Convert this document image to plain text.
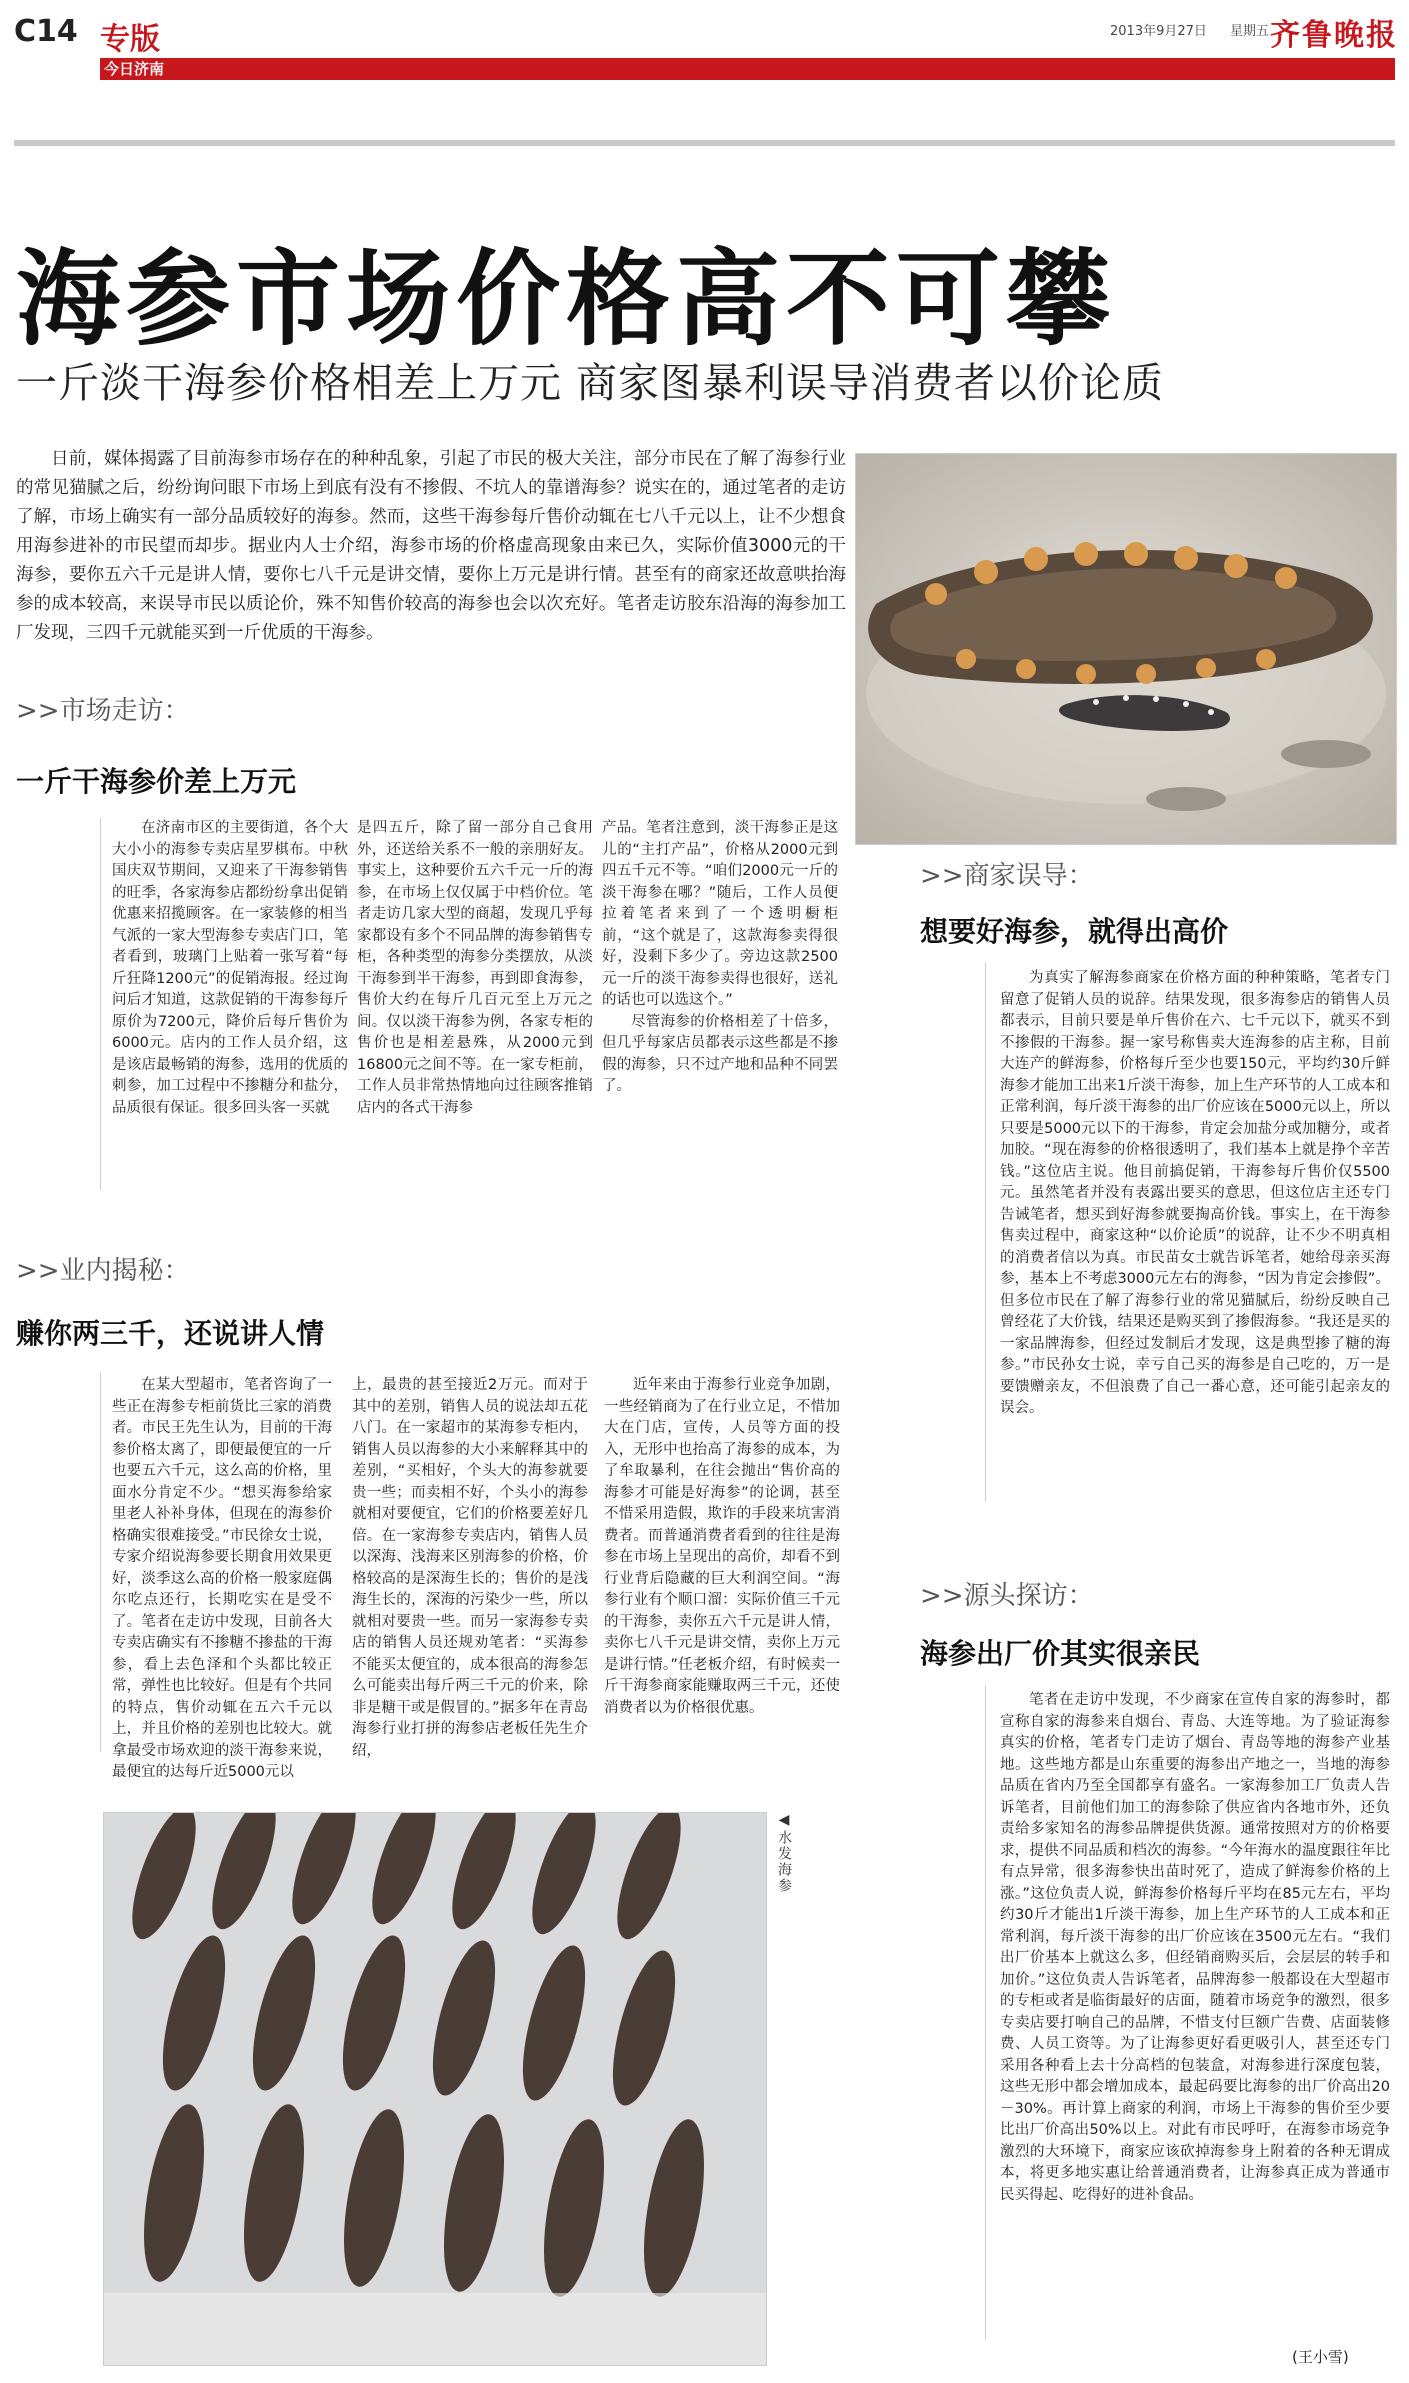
C14 专版
今日济南
2013年9月27日 星期五 齐鲁晚报
海参市场价格高不可攀
一斤淡干海参价格相差上万元 商家图暴利误导消费者以价论质
日前，媒体揭露了目前海参市场存在的种种乱象，引起了市民的极大关注，部分市民在了解了海参行业的常见猫腻之后，纷纷询问眼下市场上到底有没有不掺假、不坑人的靠谱海参？说实在的，通过笔者的走访了解，市场上确实有一部分品质较好的海参。然而，这些干海参每斤售价动辄在七八千元以上，让不少想食用海参进补的市民望而却步。据业内人士介绍，海参市场的价格虚高现象由来已久，实际价值3000元的干海参，要你五六千元是讲人情，要你七八千元是讲交情，要你上万元是讲行情。甚至有的商家还故意哄抬海参的成本较高，来误导市民以质论价，殊不知售价较高的海参也会以次充好。笔者走访胶东沿海的海参加工厂发现，三四千元就能买到一斤优质的干海参。
>>市场走访：
一斤干海参价差上万元
在济南市区的主要街道，各个大大小小的海参专卖店星罗棋布。中秋国庆双节期间，又迎来了干海参销售的旺季，各家海参店都纷纷拿出促销优惠来招揽顾客。在一家装修的相当气派的一家大型海参专卖店门口，笔者看到，玻璃门上贴着一张写着“每斤狂降1200元”的促销海报。经过询问后才知道，这款促销的干海参每斤原价为7200元，降价后每斤售价为6000元。店内的工作人员介绍，这是该店最畅销的海参，选用的优质的刺参，加工过程中不掺糖分和盐分，品质很有保证。很多回头客一买就
是四五斤，除了留一部分自己食用外，还送给关系不一般的亲朋好友。事实上，这种要价五六千元一斤的海参，在市场上仅仅属于中档价位。笔者走访几家大型的商超，发现几乎每家都设有多个不同品牌的海参销售专柜，各种类型的海参分类摆放，从淡干海参到半干海参，再到即食海参，售价大约在每斤几百元至上万元之间。仅以淡干海参为例，各家专柜的售价也是相差悬殊，从2000元到16800元之间不等。在一家专柜前，工作人员非常热情地向过往顾客推销店内的各式干海参

产品。笔者注意到，淡干海参正是这儿的“主打产品”，价格从2000元到四五千元不等。“咱们2000元一斤的淡干海参在哪？”随后，工作人员便拉着笔者来到了一个透明橱柜前，“这个就是了，这款海参卖得很好，没剩下多少了。旁边这款2500元一斤的淡干海参卖得也很好，送礼的话也可以选这个。”

尽管海参的价格相差了十倍多，但几乎每家店员都表示这些都是不掺假的海参，只不过产地和品种不同罢了。

>>业内揭秘：
赚你两三千，还说讲人情
在某大型超市，笔者咨询了一些正在海参专柜前货比三家的消费者。市民王先生认为，目前的干海参价格太离了，即便最便宜的一斤也要五六千元，这么高的价格，里面水分肯定不少。“想买海参给家里老人补补身体，但现在的海参价格确实很难接受。”市民徐女士说，专家介绍说海参要长期食用效果更好，淡季这么高的价格一般家庭偶尔吃点还行，长期吃实在是受不了。笔者在走访中发现，目前各大专卖店确实有不掺糖不掺盐的干海参，看上去色泽和个头都比较正常，弹性也比较好。但是有个共同的特点，售价动辄在五六千元以上，并且价格的差别也比较大。就拿最受市场欢迎的淡干海参来说，最便宜的达每斤近5000元以
上，最贵的甚至接近2万元。而对于其中的差别，销售人员的说法却五花八门。在一家超市的某海参专柜内，销售人员以海参的大小来解释其中的差别，“买相好，个头大的海参就要贵一些；而卖相不好，个头小的海参就相对要便宜，它们的价格要差好几倍。在一家海参专卖店内，销售人员以深海、浅海来区别海参的价格，价格较高的是深海生长的；售价的是浅海生长的，深海的污染少一些，所以就相对要贵一些。而另一家海参专卖店的销售人员还规劝笔者：“买海参不能买太便宜的，成本很高的海参怎么可能卖出每斤两三千元的价来，除非是糖干或是假冒的。”据多年在青岛海参行业打拼的海参店老板任先生介绍，
近年来由于海参行业竞争加剧，一些经销商为了在行业立足，不惜加大在门店，宣传，人员等方面的投入，无形中也抬高了海参的成本，为了牟取暴利，在往会抛出“售价高的海参才可能是好海参”的论调，甚至不惜采用造假，欺诈的手段来坑害消费者。而普通消费者看到的往往是海参在市场上呈现出的高价，却看不到行业背后隐藏的巨大利润空间。“海参行业有个顺口溜：实际价值三千元的干海参，卖你五六千元是讲人情，卖你七八千元是讲交情，卖你上万元是讲行情。”任老板介绍，有时候卖一斤干海参商家能赚取两三千元，还使消费者以为价格很优惠。
◀水发海参
>>商家误导：
想要好海参，就得出高价
为真实了解海参商家在价格方面的种种策略，笔者专门留意了促销人员的说辞。结果发现，很多海参店的销售人员都表示，目前只要是单斤售价在六、七千元以下，就买不到不掺假的干海参。握一家号称售卖大连海参的店主称，目前大连产的鲜海参，价格每斤至少也要150元，平均约30斤鲜海参才能加工出来1斤淡干海参，加上生产环节的人工成本和正常利润，每斤淡干海参的出厂价应该在5000元以上，所以只要是5000元以下的干海参，肯定会加盐分或加糖分，或者加胶。“现在海参的价格很透明了，我们基本上就是挣个辛苦钱。”这位店主说。他目前搞促销，干海参每斤售价仅5500元。虽然笔者并没有表露出要买的意思，但这位店主还专门告诫笔者，想买到好海参就要掏高价钱。事实上，在干海参售卖过程中，商家这种“以价论质”的说辞，让不少不明真相的消费者信以为真。市民苗女士就告诉笔者，她给母亲买海参，基本上不考虑3000元左右的海参，“因为肯定会掺假”。但多位市民在了解了海参行业的常见猫腻后，纷纷反映自己曾经花了大价钱，结果还是购买到了掺假海参。“我还是买的一家品牌海参，但经过发制后才发现，这是典型掺了糖的海参。”市民孙女士说，幸亏自己买的海参是自己吃的，万一是要馈赠亲友，不但浪费了自己一番心意，还可能引起亲友的误会。
>>源头探访：
海参出厂价其实很亲民
笔者在走访中发现，不少商家在宣传自家的海参时，都宣称自家的海参来自烟台、青岛、大连等地。为了验证海参真实的价格，笔者专门走访了烟台、青岛等地的海参产业基地。这些地方都是山东重要的海参出产地之一，当地的海参品质在省内乃至全国都享有盛名。一家海参加工厂负责人告诉笔者，目前他们加工的海参除了供应省内各地市外，还负责给多家知名的海参品牌提供货源。通常按照对方的价格要求，提供不同品质和档次的海参。“今年海水的温度跟往年比有点异常，很多海参快出苗时死了，造成了鲜海参价格的上涨。”这位负责人说，鲜海参价格每斤平均在85元左右，平均约30斤才能出1斤淡干海参，加上生产环节的人工成本和正常利润，每斤淡干海参的出厂价应该在3500元左右。“我们出厂价基本上就这么多，但经销商购买后，会层层的转手和加价。”这位负责人告诉笔者，品牌海参一般都设在大型超市的专柜或者是临街最好的店面，随着市场竞争的激烈，很多专卖店要打响自己的品牌，不惜支付巨额广告费、店面装修费、人员工资等。为了让海参更好看更吸引人，甚至还专门采用各种看上去十分高档的包装盒，对海参进行深度包装，这些无形中都会增加成本，最起码要比海参的出厂价高出20－30%。再计算上商家的利润，市场上干海参的售价至少要比出厂价高出50%以上。对此有市民呼吁，在海参市场竞争激烈的大环境下，商家应该砍掉海参身上附着的各种无谓成本，将更多地实惠让给普通消费者，让海参真正成为普通市民买得起、吃得好的进补食品。
(王小雪)
